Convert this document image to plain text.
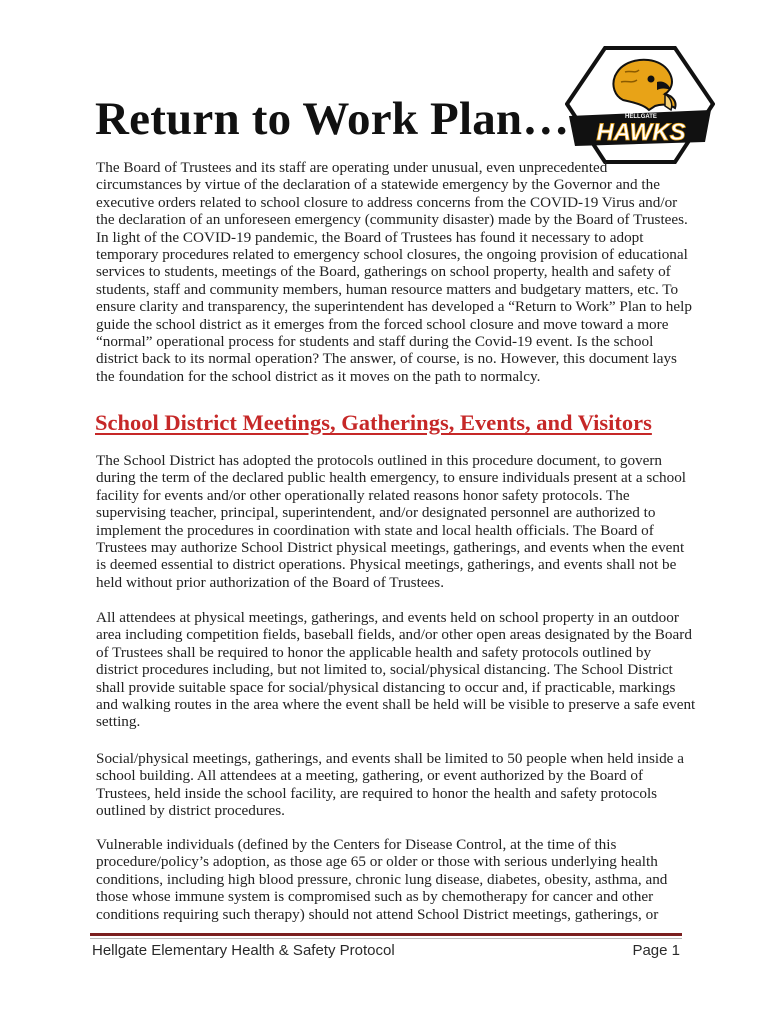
Return to Work Plan…	HELLGATE
HAWKS

The Board of Trustees and its staff are operating under unusual, even unprecedented circumstances by virtue of the declaration of a statewide emergency by the Governor and the executive orders related to school closure to address concerns from the COVID-19 Virus and/or the declaration of an unforeseen emergency (community disaster) made by the Board of Trustees. In light of the COVID-19 pandemic, the Board of Trustees has found it necessary to adopt temporary procedures related to emergency school closures, the ongoing provision of educational services to students, meetings of the Board, gatherings on school property, health and safety of students, staff and community members, human resource matters and budgetary matters, etc. To ensure clarity and transparency, the superintendent has developed a “Return to Work” Plan to help guide the school district as it emerges from the forced school closure and move toward a more “normal” operational process for students and staff during the Covid-19 event. Is the school district back to its normal operation? The answer, of course, is no. However, this document lays the foundation for the school district as it moves on the path to normalcy.

School District Meetings, Gatherings, Events, and Visitors

The School District has adopted the protocols outlined in this procedure document, to govern during the term of the declared public health emergency, to ensure individuals present at a school facility for events and/or other operationally related reasons honor safety protocols. The supervising teacher, principal, superintendent, and/or designated personnel are authorized to implement the procedures in coordination with state and local health officials. The Board of Trustees may authorize School District physical meetings, gatherings, and events when the event is deemed essential to district operations. Physical meetings, gatherings, and events shall not be held without prior authorization of the Board of Trustees.

All attendees at physical meetings, gatherings, and events held on school property in an outdoor area including competition fields, baseball fields, and/or other open areas designated by the Board of Trustees shall be required to honor the applicable health and safety protocols outlined by district procedures including, but not limited to, social/physical distancing. The School District shall provide suitable space for social/physical distancing to occur and, if practicable, markings and walking routes in the area where the event shall be held will be visible to preserve a safe event setting.

Social/physical meetings, gatherings, and events shall be limited to 50 people when held inside a school building. All attendees at a meeting, gathering, or event authorized by the Board of Trustees, held inside the school facility, are required to honor the health and safety protocols outlined by district procedures.

Vulnerable individuals (defined by the Centers for Disease Control, at the time of this procedure/policy’s adoption, as those age 65 or older or those with serious underlying health conditions, including high blood pressure, chronic lung disease, diabetes, obesity, asthma, and those whose immune system is compromised such as by chemotherapy for cancer and other conditions requiring such therapy) should not attend School District meetings, gatherings, or

Hellgate Elementary Health & Safety Protocol	Page 1
